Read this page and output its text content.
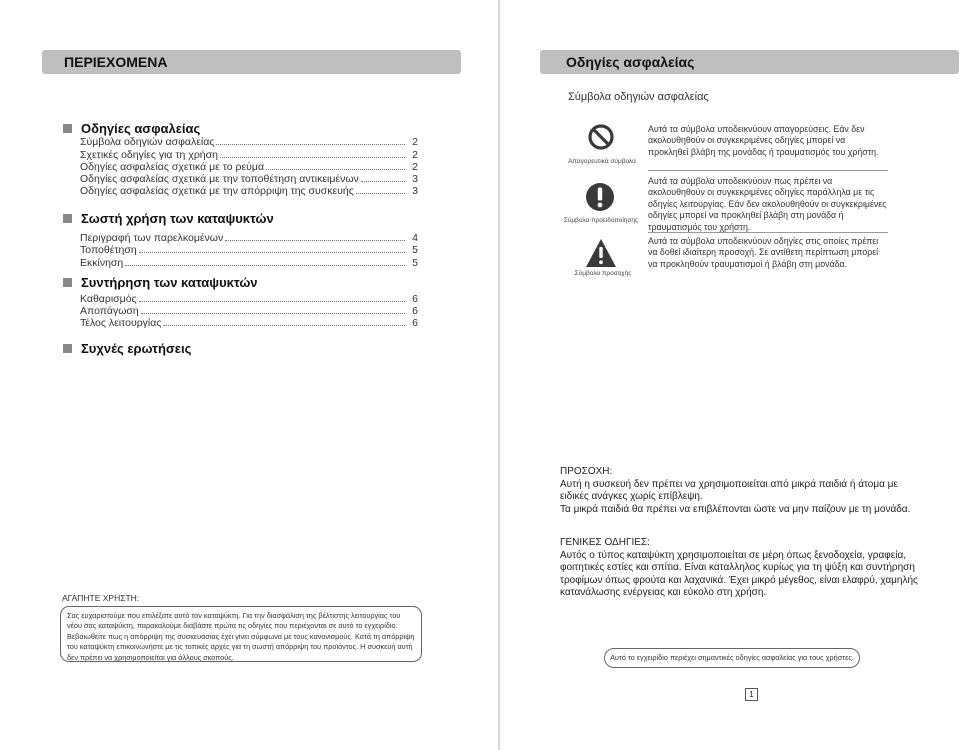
ΠΕΡΙΕΧΟΜΕΝΑ
Οδηγίες ασφαλείας
Σύμβολα οδηγιών ασφαλείας	2
Σχετικές οδηγίες για τη χρήση	2
Οδηγίες ασφαλείας σχετικά με το ρεύμα	2
Οδηγίες ασφαλείας σχετικά με την τοποθέτηση αντικειμένων	3
Οδηγίες ασφαλείας σχετικά με την απόρριψη της συσκευής	3
Σωστή χρήση των καταψυκτών
Περιγραφή των παρελκομένων	4
Τοποθέτηση	5
Εκκίνηση	5
Συντήρηση των καταψυκτών
Καθαρισμός	6
Αποπάγωση	6
Τέλος λειτουργίας	6
Συχνές ερωτήσεις
ΑΓΑΠΗΤΕ ΧΡΗΣΤΗ:
Σας ευχαριστούμε που επιλέξατε αυτό τον καταψύκτη. Για την διασφάλιση της βέλτιστης λειτουργίας του νέου σας καταψύκτη, παρακαλούμε διαβάστε πρώτα τις οδηγίες που περιέχονται σε αυτό το εγχειρίδιο. Βεβαιωθείτε πως η απόρριψη της συσκευασίας έχει γίνει σύμφωνα με τους κανονισμούς. Κατά τη απόρριψη του καταψύκτη επικοινωνήστε με τις τοπικές αρχές για τη σωστή απόρριψη του προϊόντος. Η συσκευή αυτή δεν πρέπει να χρησιμοποιείται για άλλους σκοπούς.
Οδηγίες ασφαλείας
Σύμβολα οδηγιών ασφαλείας
Απαγορευτικά σύμβολα
Αυτά τα σύμβολα υποδεικνύουν απαγορεύσεις. Εάν δεν ακολουθηθούν οι συγκεκριμένες οδηγίες μπορεί να προκληθεί βλάβη της μονάδας ή τραυματισμός του χρήστη.
Σύμβολα προειδοποίησης
Αυτά τα σύμβολα υποδεικνύουν πως πρέπει να ακολουθηθούν οι συγκεκριμένες οδηγίες παράλληλα με τις οδηγίες λειτουργίας. Εάν δεν ακολουθηθούν οι συγκεκριμένες οδηγίες μπορεί να προκληθεί βλάβη στη μονάδα ή τραυματισμός του χρήστη.
Σύμβολα προσοχής
Αυτά τα σύμβολα υποδεικνύουν οδηγίες στις οποίες πρέπει να δοθεί ιδιαίτερη προσοχή. Σε αντίθετη περίπτωση μπορεί να προκληθούν τραυματισμοί ή βλάβη στη μονάδα.
ΠΡΟΣΟΧΗ:
Αυτή η συσκευή δεν πρέπει να χρησιμοποιείται από μικρά παιδιά ή άτομα με
ειδικές ανάγκες χωρίς επίβλεψη.
Τα μικρά παιδιά θα πρέπει να επιβλέπονται ώστε να μην παίζουν με τη μονάδα.
ΓΕΝΙΚΕΣ ΟΔΗΓΙΕΣ:
Αυτός ο τύπος καταψύκτη χρησιμοποιείται σε μέρη όπως ξενοδοχεία, γραφεία,
φοιτητικές εστίες και σπίτια. Είναι καταλληλος κυρίως για τη ψύξη και συντήρηση
τροφίμων όπως φρούτα και λαχανικά. Έχει μικρό μέγεθος, είναι ελαφρύ, χαμηλής
κατανάλωσης ενέργειας και εύκολο στη χρήση.
Αυτό το εγχειρίδιο περιέχει σημαντικές οδηγίες ασφαλείας για τους χρήστες.
1
